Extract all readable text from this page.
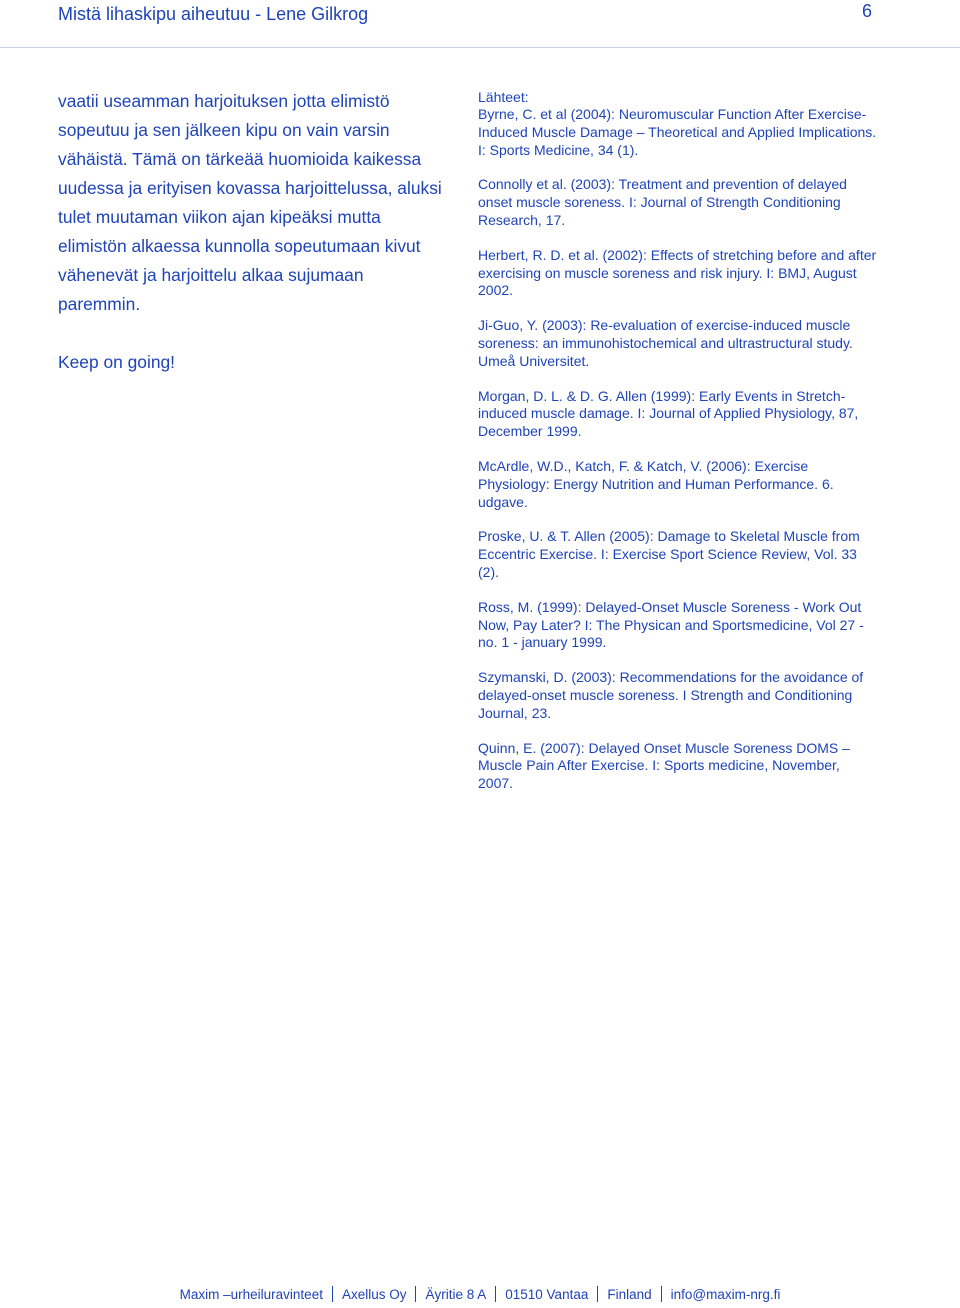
Mistä lihaskipu aiheutuu - Lene Gilkrog	6

vaatii useamman harjoituksen jotta elimistö sopeutuu ja sen jälkeen kipu on vain varsin vähäistä. Tämä on tärkeää huomioida kaikessa uudessa ja erityisen kovassa harjoittelussa, aluksi tulet muutaman viikon ajan kipeäksi mutta elimistön alkaessa kunnolla sopeutumaan kivut vähenevät ja harjoittelu alkaa sujumaan paremmin.

Keep on going!

Lähteet:

Byrne, C. et al (2004): Neuromuscular Function After Exercise-Induced Muscle Damage – Theoretical and Applied Implications. I: Sports Medicine, 34 (1).

Connolly et al. (2003): Treatment and prevention of delayed onset muscle soreness. I: Journal of Strength Conditioning Research, 17.

Herbert, R. D. et al. (2002): Effects of stretching before and after exercising on muscle soreness and risk injury. I: BMJ, August 2002.

Ji-Guo, Y. (2003): Re-evaluation of exercise-induced muscle soreness: an immunohistochemical and ultrastructural study. Umeå Universitet.

Morgan, D. L. & D. G. Allen (1999): Early Events in Stretch-induced muscle damage. I: Journal of Applied Physiology, 87, December 1999.

McArdle, W.D., Katch, F. & Katch, V. (2006): Exercise Physiology: Energy Nutrition and Human Performance. 6. udgave.

Proske, U. & T. Allen (2005): Damage to Skeletal Muscle from Eccentric Exercise. I: Exercise Sport Science Review, Vol. 33 (2).

Ross, M. (1999): Delayed-Onset Muscle Soreness - Work Out Now, Pay Later? I: The Physican and Sportsmedicine, Vol 27 - no. 1 - january 1999.

Szymanski, D. (2003): Recommendations for the avoidance of delayed-onset muscle soreness. I Strength and Conditioning Journal, 23.

Quinn, E. (2007): Delayed Onset Muscle Soreness DOMS – Muscle Pain After Exercise. I: Sports medicine, November, 2007.

Maxim –urheiluravinteet Axellus Oy Äyritie 8 A 01510 Vantaa Finland info@maxim-nrg.fi
